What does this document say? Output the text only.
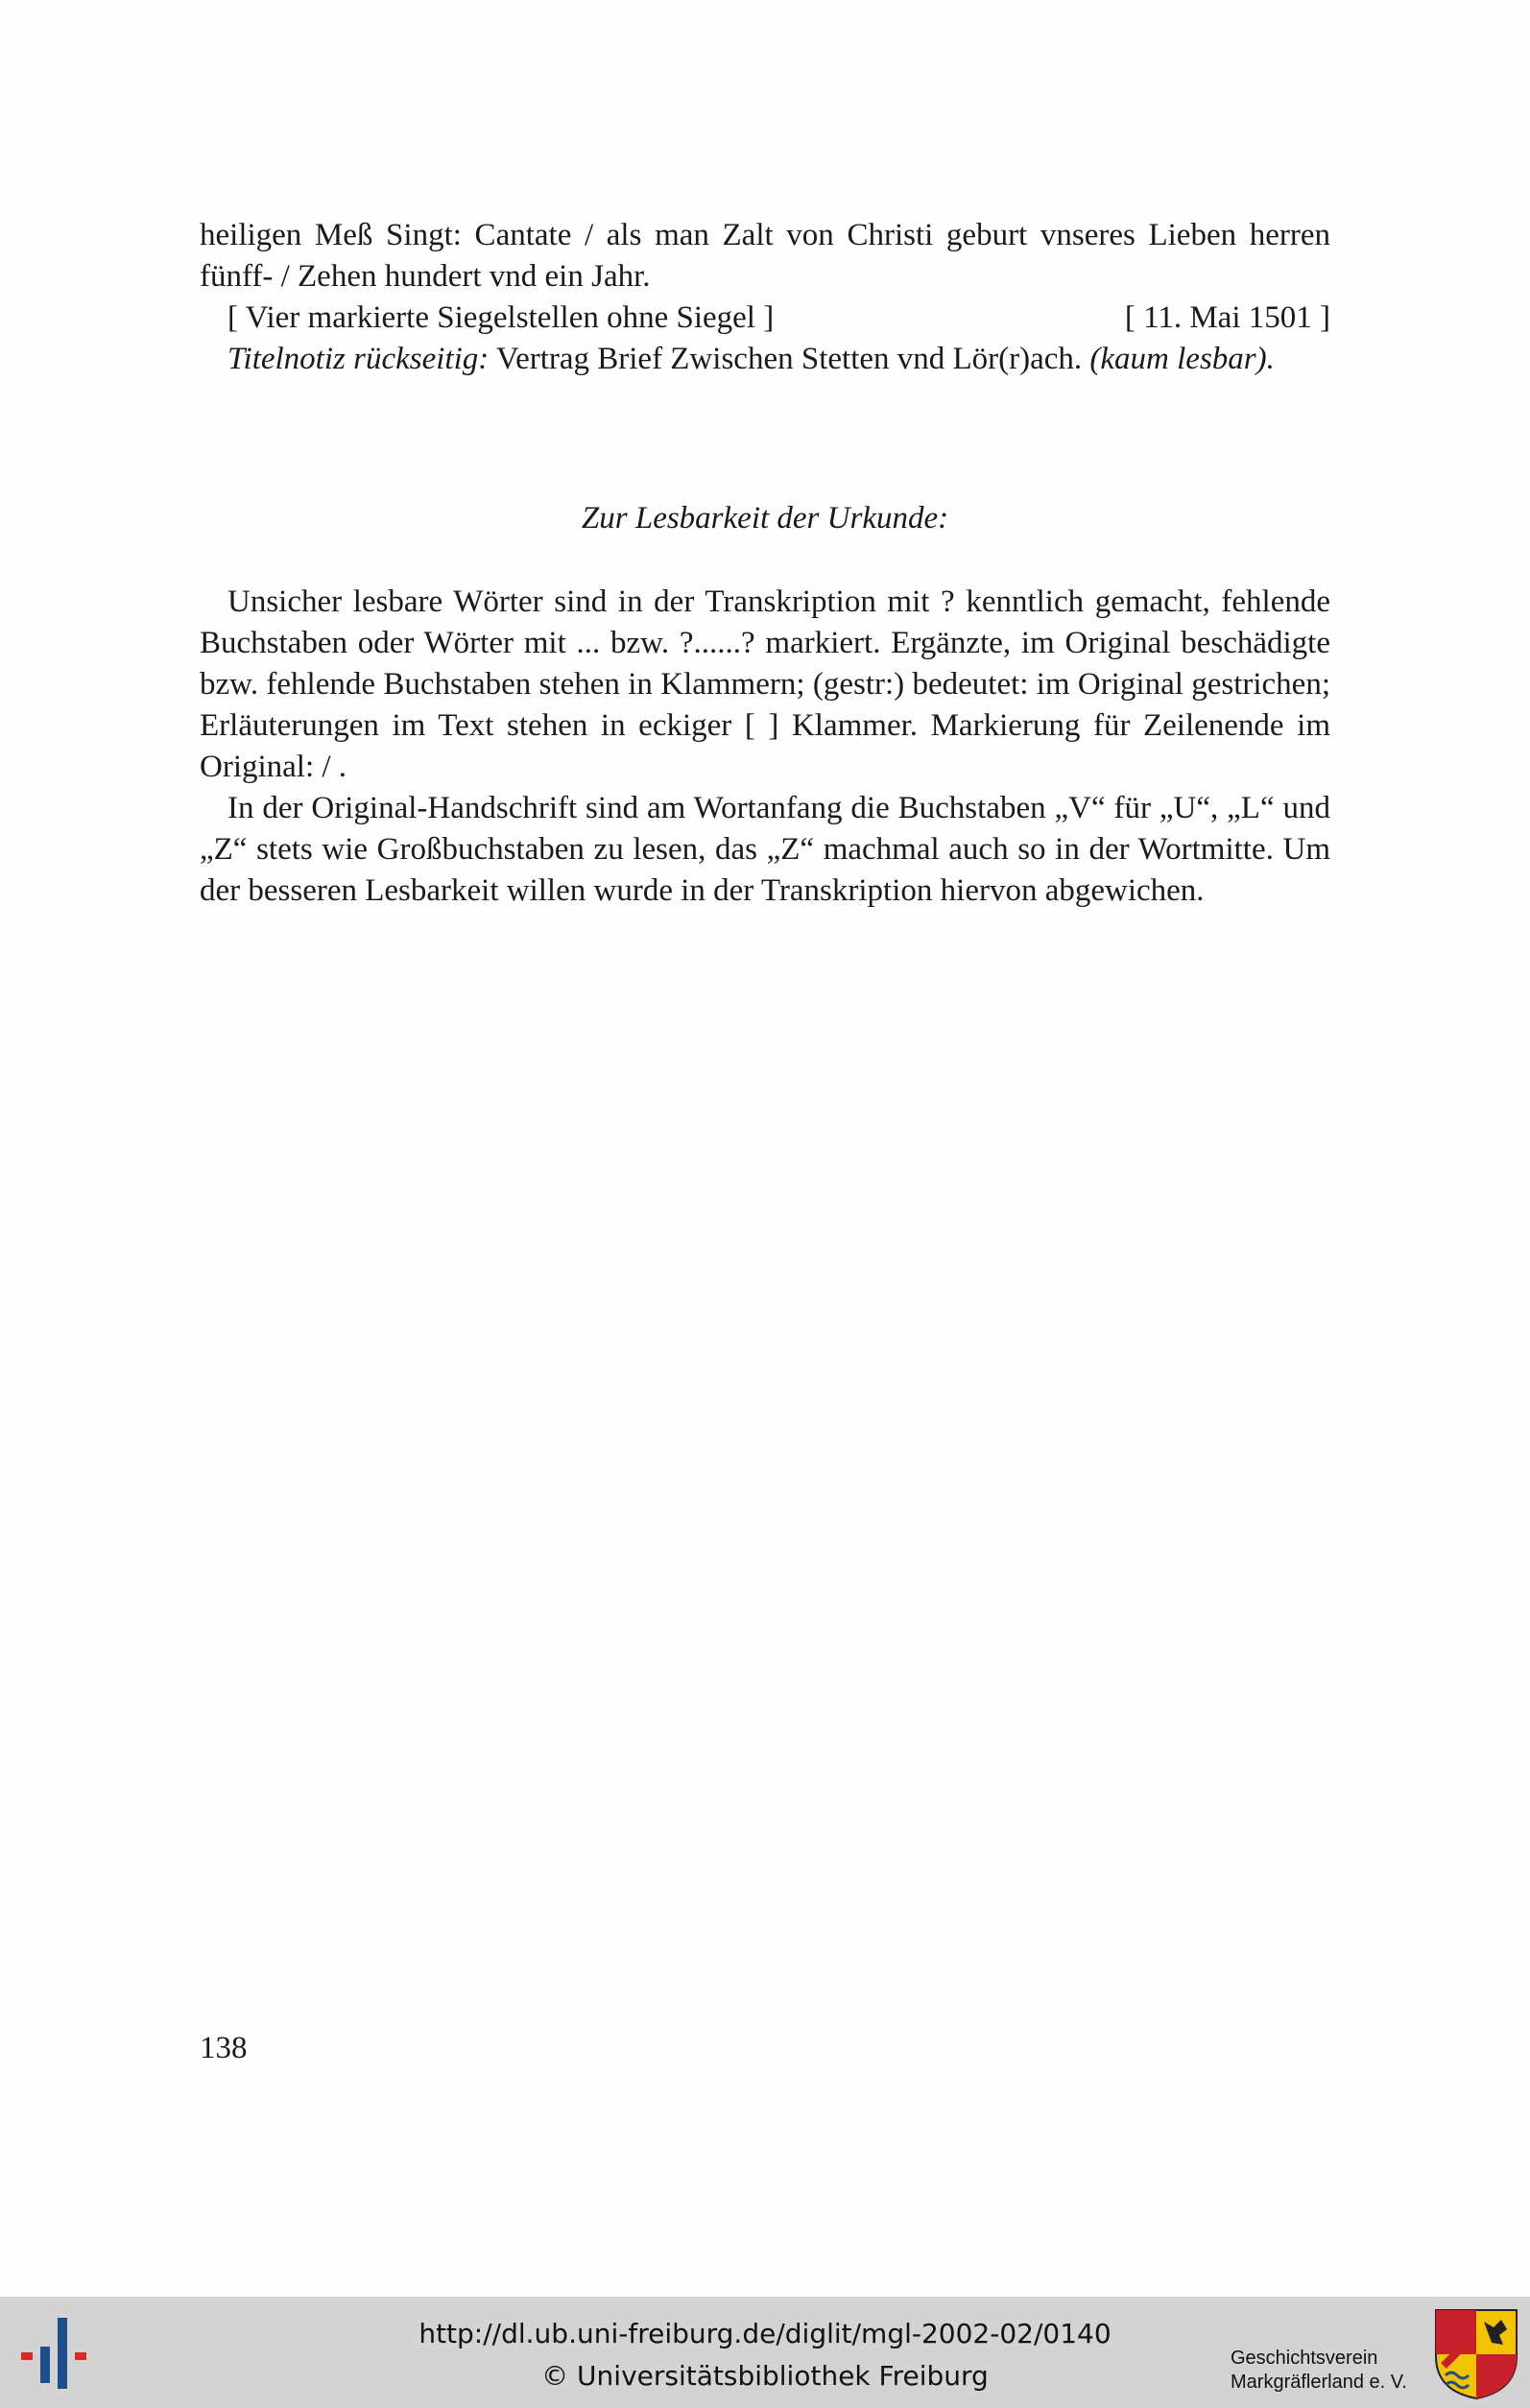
heiligen Meß Singt: Cantate / als man Zalt von Christi geburt vnseres Lieben herren fünff- / Zehen hundert vnd ein Jahr.

[ Vier markierte Siegelstellen ohne Siegel ]	[ 11. Mai 1501 ]

Titelnotiz rückseitig: Vertrag Brief Zwischen Stetten vnd Lör(r)ach. (kaum lesbar).

Zur Lesbarkeit der Urkunde:

Unsicher lesbare Wörter sind in der Transkription mit ? kenntlich gemacht, fehlende Buchstaben oder Wörter mit ... bzw. ?......? markiert. Ergänzte, im Original beschädigte bzw. fehlende Buchstaben stehen in Klammern; (gestr:) bedeutet: im Original gestrichen; Erläuterungen im Text stehen in eckiger [ ] Klammer. Markierung für Zeilenende im Original: / .

In der Original-Handschrift sind am Wortanfang die Buchstaben „V“ für „U“, „L“ und „Z“ stets wie Großbuchstaben zu lesen, das „Z“ machmal auch so in der Wortmitte. Um der besseren Lesbarkeit willen wurde in der Transkription hiervon abgewichen.

138
http://dl.ub.uni-freiburg.de/diglit/mgl-2002-02/0140
© Universitätsbibliothek Freiburg
Geschichtsverein
Markgräflerland e. V.
